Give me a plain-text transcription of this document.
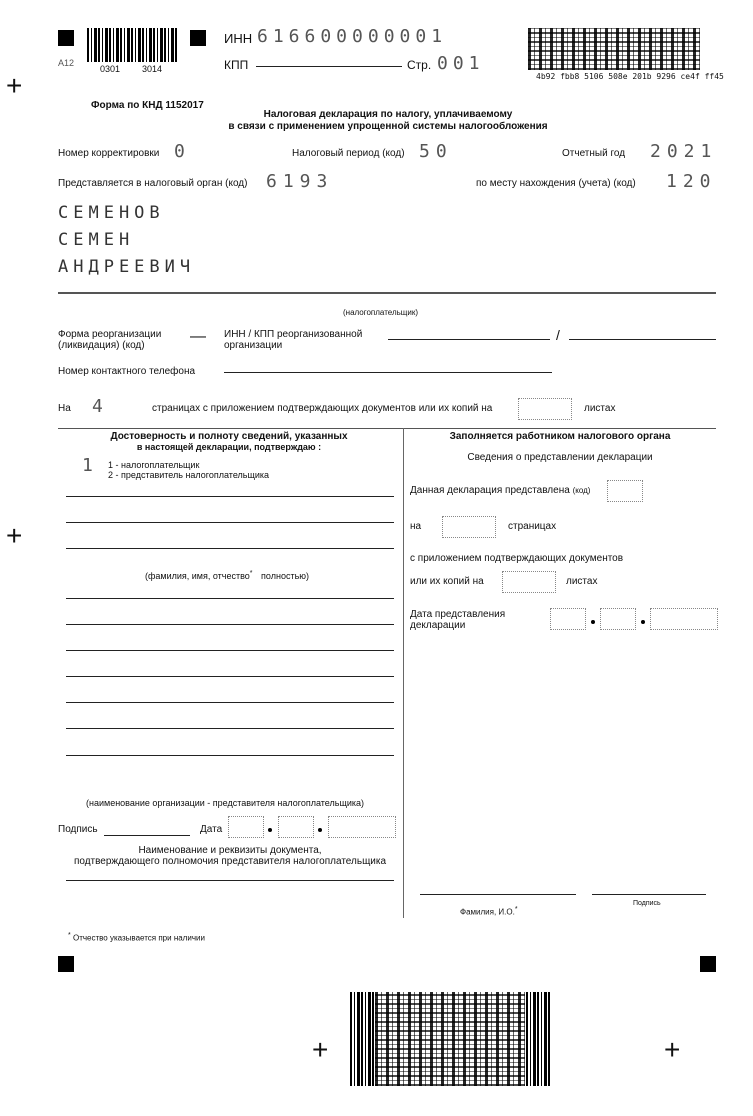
+
+
+	+
A12
0301 3014
ИНН 616600000001
КПП	Стр. 001
4b92 fbb8 5106 508e 201b 9296 ce4f ff45
Форма по КНД 1152017
Налоговая декларация по налогу, уплачиваемому
в связи с применением упрощенной системы налогообложения
Номер корректировки 0	Налоговый период (код) 50	Отчетный год 2021
Представляется в налоговый орган (код) 6193	по месту нахождения (учета) (код) 120
СЕМЕНОВ
СЕМЕН
АНДРЕЕВИЧ
(налогоплательщик)
Форма реорганизации
(ликвидация) (код)
— ИНН / КПП реорганизованной
организации
/
Номер контактного телефона
На 4	страницах с приложением подтверждающих документов или их копий на	листах
Достоверность и полноту сведений, указанных
в настоящей декларации, подтверждаю :
1 1 - налогоплательщик
2 - представитель налогоплательщика
(фамилия, имя, отчество* полностью)
(наименование организации - представителя налогоплательщика)
Подпись	Дата
Наименование и реквизиты документа,
подтверждающего полномочия представителя налогоплательщика
Заполняется работником налогового органа
Сведения о представлении декларации
Данная декларация представлена (код)
на	страницах
с приложением подтверждающих документов
или их копий на	листах
Дата представления
декларации
Фамилия, И.О.*
Подпись
* Отчество указывается при наличии
